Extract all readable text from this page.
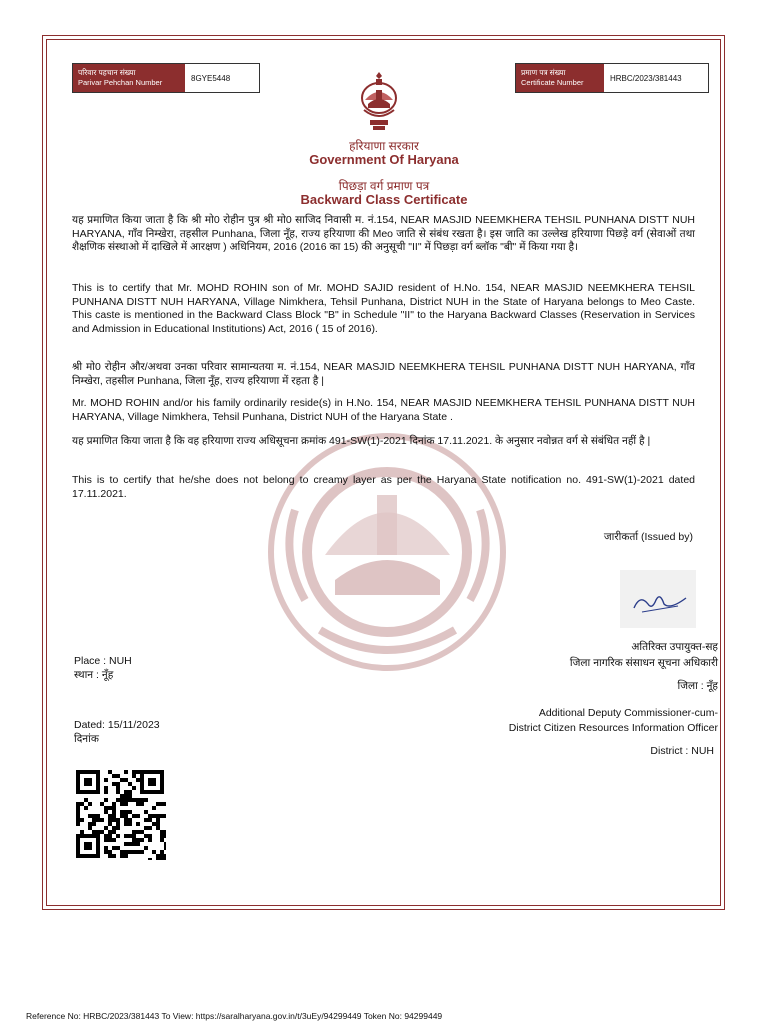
परिवार पहचान संख्या
Parivar Pehchan Number	8GYE5448
प्रमाण पत्र संख्या
Certificate Number	HRBC/2023/381443
हरियाणा सरकार
Government Of Haryana
पिछड़ा वर्ग प्रमाण पत्र
Backward Class Certificate
यह प्रमाणित किया जाता है कि श्री मो0 रोहीन पुत्र श्री मो0 साजिद निवासी म. नं.154, NEAR MASJID NEEMKHERA TEHSIL PUNHANA DISTT NUH HARYANA, गाँव निम्खेरा, तहसील Punhana, जिला नूँह, राज्य हरियाणा की Meo जाति से संबंध रखता है। इस जाति का उल्लेख हरियाणा पिछड़े वर्ग (सेवाओं तथा शैक्षणिक संस्थाओ में दाखिले में आरक्षण ) अधिनियम, 2016 (2016 का 15) की अनुसूची "II" में पिछड़ा वर्ग ब्लॉक "बी" में किया गया है।
This is to certify that Mr. MOHD ROHIN son of Mr. MOHD SAJID resident of H.No. 154, NEAR MASJID NEEMKHERA TEHSIL PUNHANA DISTT NUH HARYANA, Village Nimkhera, Tehsil Punhana, District NUH in the State of Haryana belongs to Meo Caste. This caste is mentioned in the Backward Class Block "B" in Schedule "II" to the Haryana Backward Classes (Reservation in Services and Admission in Educational Institutions) Act, 2016 ( 15 of 2016).
श्री मो0 रोहीन और/अथवा उनका परिवार सामान्यतया म. नं.154, NEAR MASJID NEEMKHERA TEHSIL PUNHANA DISTT NUH HARYANA, गाँव निम्खेरा, तहसील Punhana, जिला नूँह, राज्य हरियाणा में रहता है |
Mr. MOHD ROHIN and/or his family ordinarily reside(s) in H.No. 154, NEAR MASJID NEEMKHERA TEHSIL PUNHANA DISTT NUH HARYANA, Village Nimkhera, Tehsil Punhana, District NUH of the Haryana State .
यह प्रमाणित किया जाता है कि वह हरियाणा राज्य अधिसूचना क्रमांक 491-SW(1)-2021 दिनांक 17.11.2021. के अनुसार नवोन्नत वर्ग से संबंधित नहीं है |
This is to certify that he/she does not belong to creamy layer as per the Haryana State notification no. 491-SW(1)-2021 dated 17.11.2021.
जारीकर्ता (Issued by)
अतिरिक्त उपायुक्त-सह
जिला नागरिक संसाधन सूचना अधिकारी
जिला : नूँह
Additional Deputy Commissioner-cum-
District Citizen Resources Information Officer
District : NUH
Place : NUH
स्थान : नूँह
Dated: 15/11/2023
दिनांक
Reference No: HRBC/2023/381443 To View: https://saralharyana.gov.in/t/3uEy/94299449 Token No: 94299449
